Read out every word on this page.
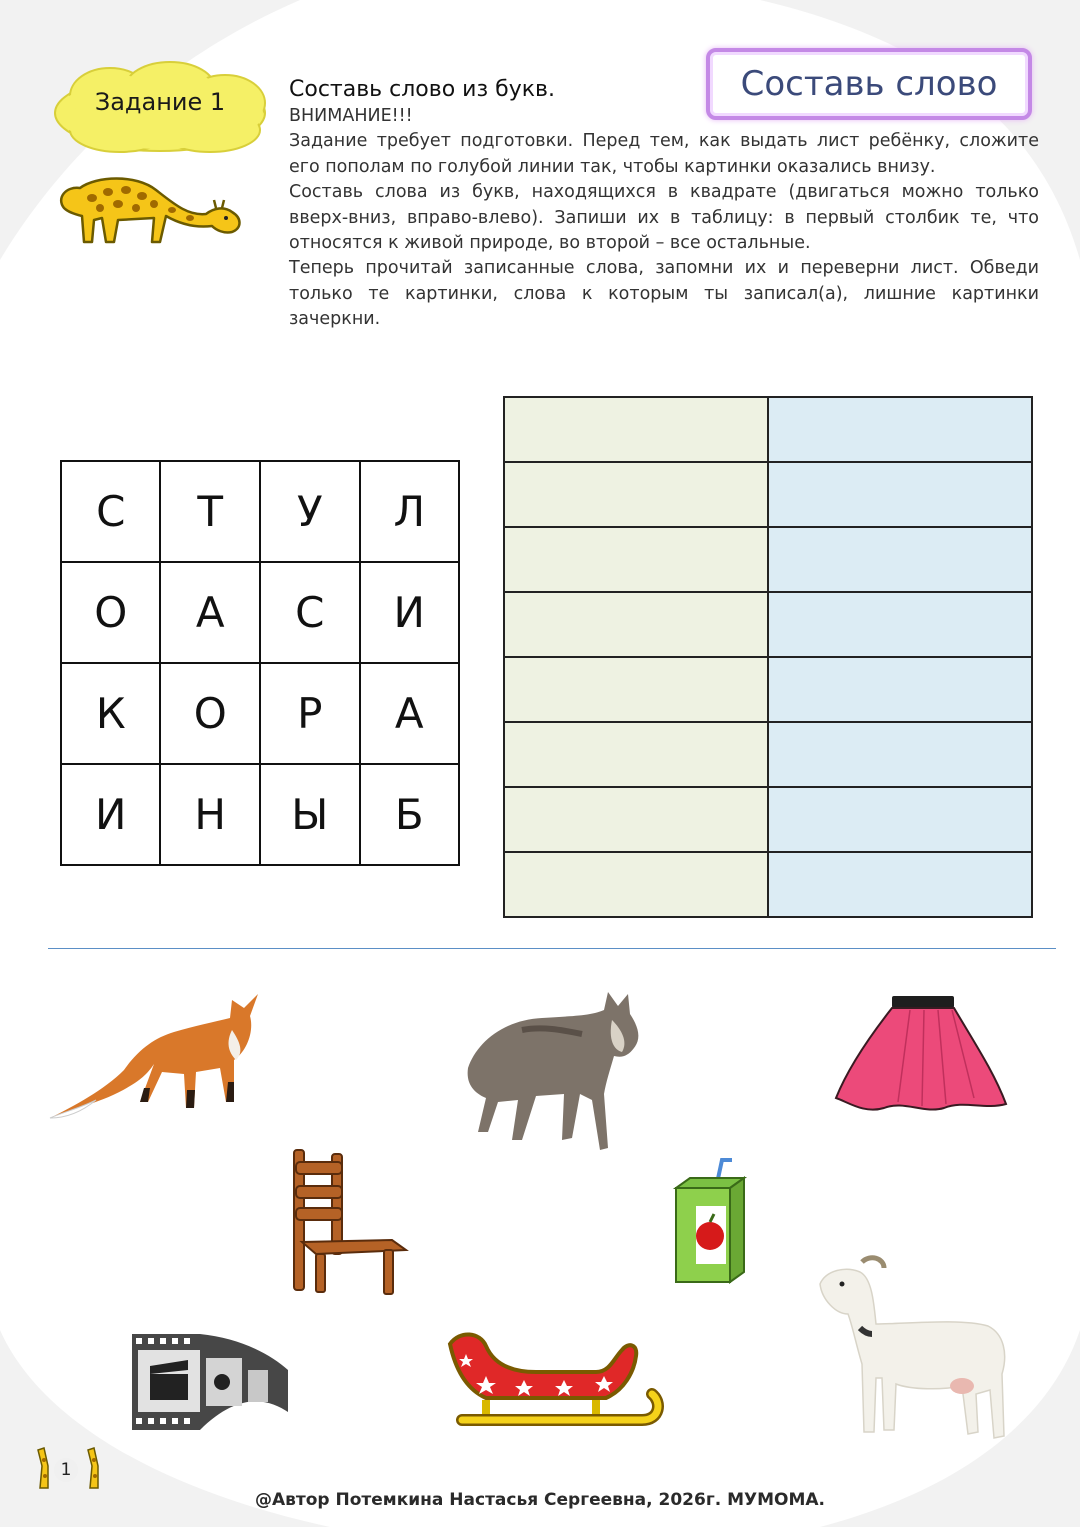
Задание 1	Составь слово

Составь слово из букв.

ВНИМАНИЕ!!!

Задание требует подготовки. Перед тем, как выдать лист ребёнку, сложите его пополам по голубой линии так, чтобы картинки оказались внизу.

Составь слова из букв, находящихся в квадрате (двигаться можно только вверх-вниз, вправо-влево). Запиши их в таблицу: в первый столбик те, что относятся к живой природе, во второй – все остальные.

Теперь прочитай записанные слова, запомни их и переверни лист. Обведи только те картинки, слова к которым ты записал(а), лишние картинки зачеркни.

С	Т	У	Л
О	А	С	И
К	О	Р	А
И	Н	Ы	Б

1
@Автор Потемкина Настасья Сергеевна, 2026г. МУМОМА.
